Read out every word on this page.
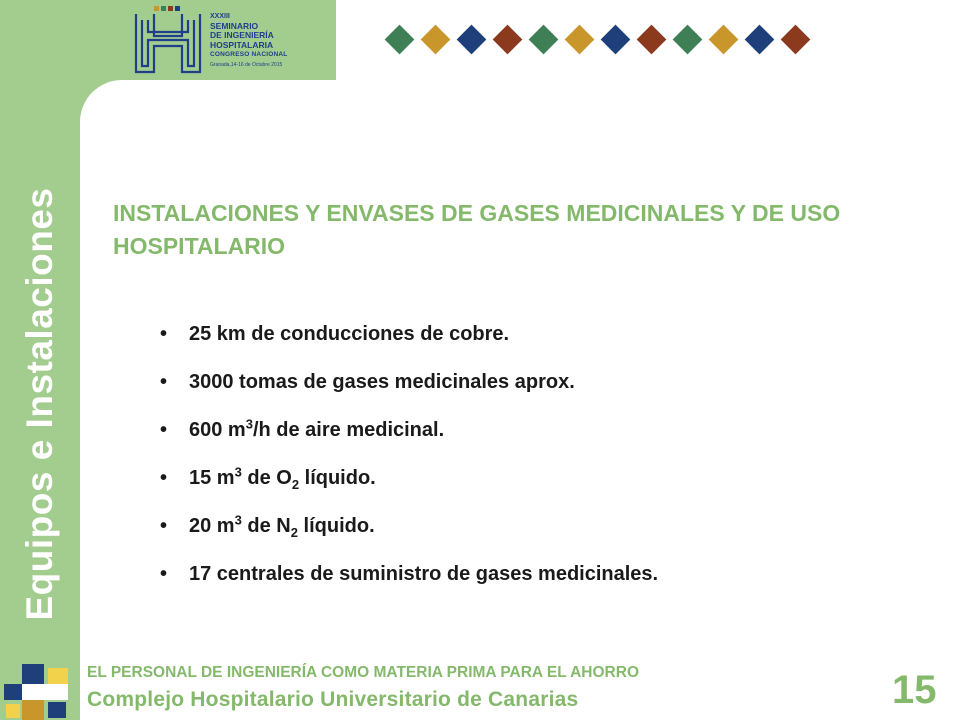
XXXIII
SEMINARIO
DE INGENIERÍA
HOSPITALARIA
CONGRESO NACIONAL
Granada,14-16 de Octubre 2015
Equipos e Instalaciones	INSTALACIONES Y ENVASES DE GASES MEDICINALES Y DE USO HOSPITALARIO
• 25 km de conducciones de cobre.
• 3000 tomas de gases medicinales aprox.
• 600 $m^3/h$ de aire medicinal.
• 15 $m^3$ de $O_2$ líquido.
• 20 $m^3$ de $N_2$ líquido.
• 17 centrales de suministro de gases medicinales.
EL PERSONAL DE INGENIERÍA COMO MATERIA PRIMA PARA EL AHORRO
Complejo Hospitalario Universitario de Canarias	15
